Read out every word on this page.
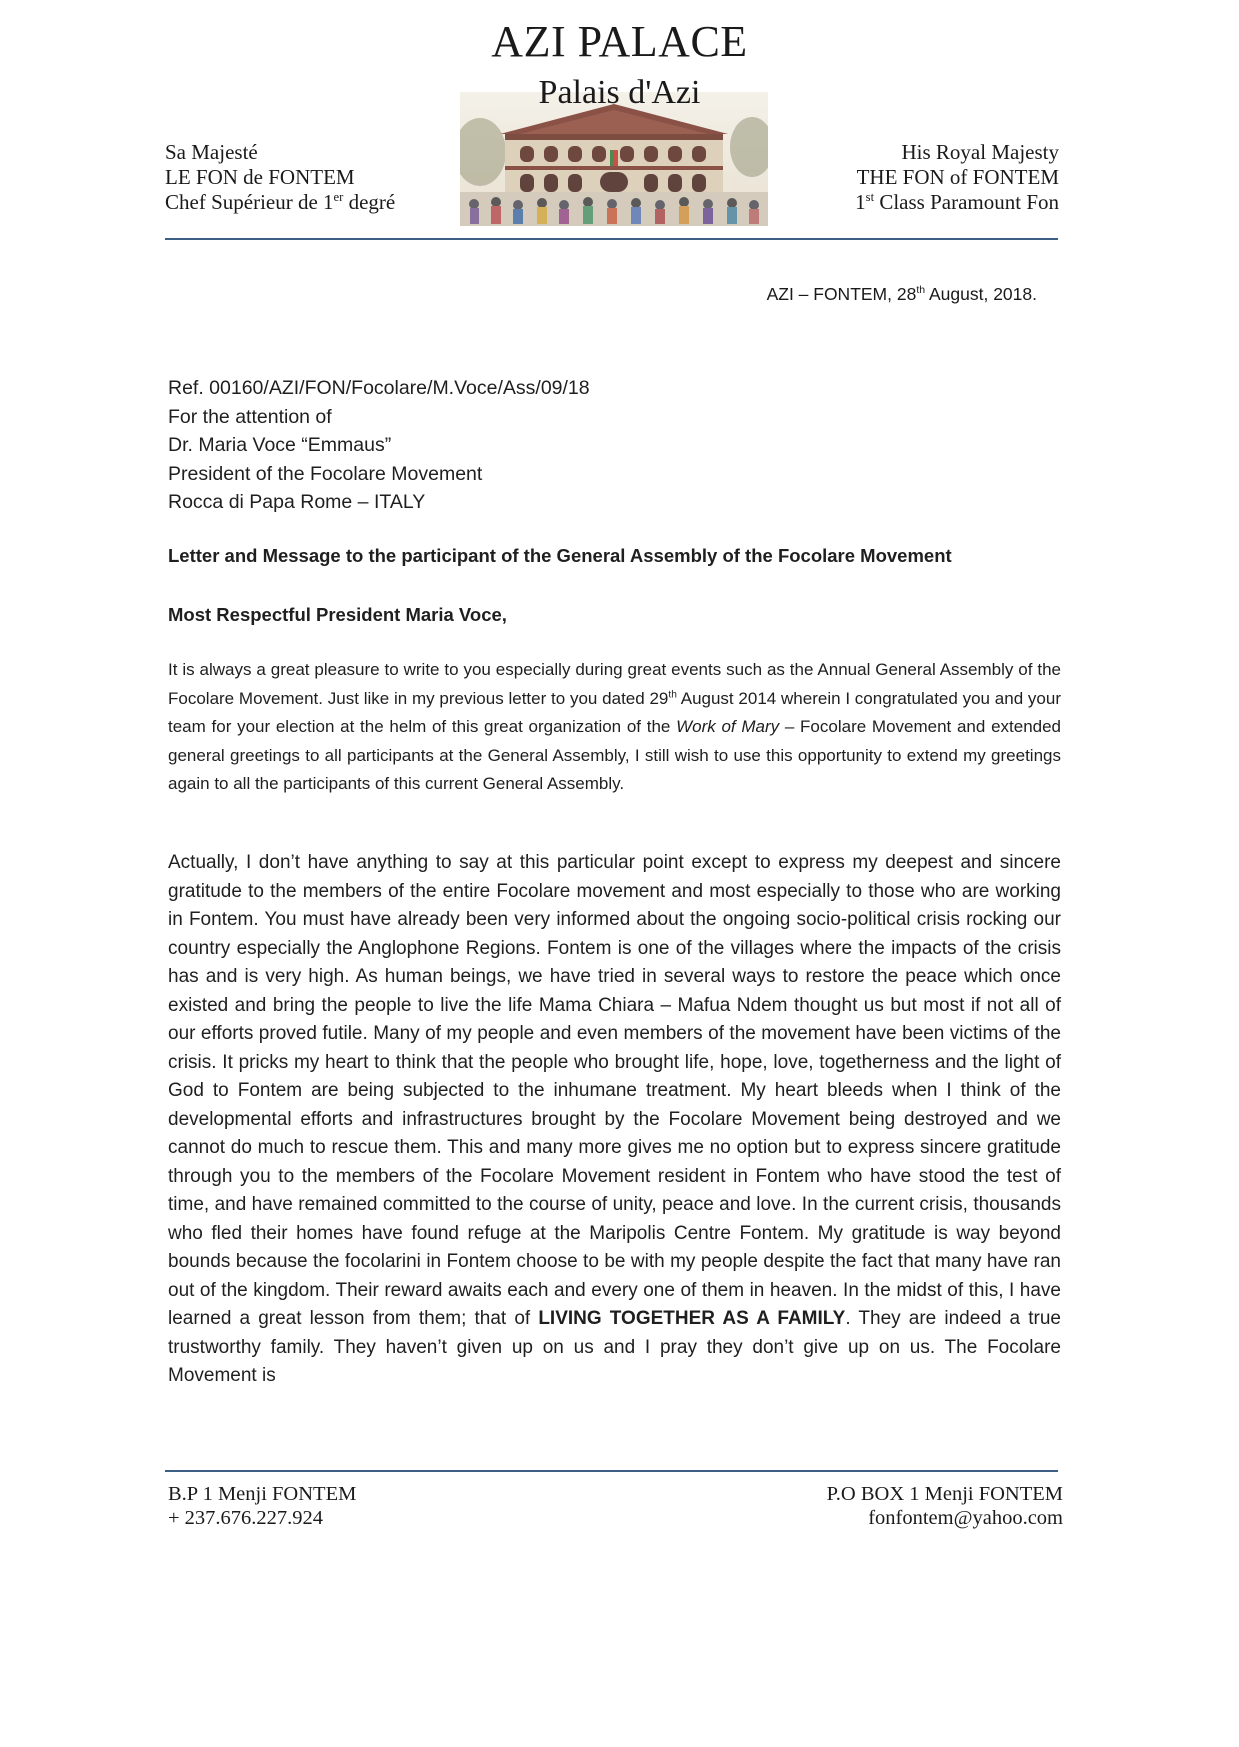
AZI PALACE
Palais d'Azi
Sa Majesté
LE FON de FONTEM
Chef Supérieur de 1er degré
His Royal Majesty
THE FON of FONTEM
1st Class Paramount Fon
AZI – FONTEM, 28th August, 2018.
Ref. 00160/AZI/FON/Focolare/M.Voce/Ass/09/18
For the attention of
Dr. Maria Voce “Emmaus”
President of the Focolare Movement
Rocca di Papa Rome – ITALY
Letter and Message to the participant of the General Assembly of the Focolare Movement
Most Respectful President Maria Voce,
It is always a great pleasure to write to you especially during great events such as the Annual General Assembly of the Focolare Movement. Just like in my previous letter to you dated 29th August 2014 wherein I congratulated you and your team for your election at the helm of this great organization of the Work of Mary – Focolare Movement and extended general greetings to all participants at the General Assembly, I still wish to use this opportunity to extend my greetings again to all the participants of this current General Assembly.
Actually, I don’t have anything to say at this particular point except to express my deepest and sincere gratitude to the members of the entire Focolare movement and most especially to those who are working in Fontem. You must have already been very informed about the ongoing socio-political crisis rocking our country especially the Anglophone Regions. Fontem is one of the villages where the impacts of the crisis has and is very high. As human beings, we have tried in several ways to restore the peace which once existed and bring the people to live the life Mama Chiara – Mafua Ndem thought us but most if not all of our efforts proved futile. Many of my people and even members of the movement have been victims of the crisis. It pricks my heart to think that the people who brought life, hope, love, togetherness and the light of God to Fontem are being subjected to the inhumane treatment. My heart bleeds when I think of the developmental efforts and infrastructures brought by the Focolare Movement being destroyed and we cannot do much to rescue them. This and many more gives me no option but to express sincere gratitude through you to the members of the Focolare Movement resident in Fontem who have stood the test of time, and have remained committed to the course of unity, peace and love. In the current crisis, thousands who fled their homes have found refuge at the Maripolis Centre Fontem. My gratitude is way beyond bounds because the focolarini in Fontem choose to be with my people despite the fact that many have ran out of the kingdom. Their reward awaits each and every one of them in heaven. In the midst of this, I have learned a great lesson from them; that of LIVING TOGETHER AS A FAMILY. They are indeed a true trustworthy family. They haven’t given up on us and I pray they don’t give up on us. The Focolare Movement is
B.P 1 Menji FONTEM
+ 237.676.227.924
P.O BOX 1 Menji FONTEM
fonfontem@yahoo.com
